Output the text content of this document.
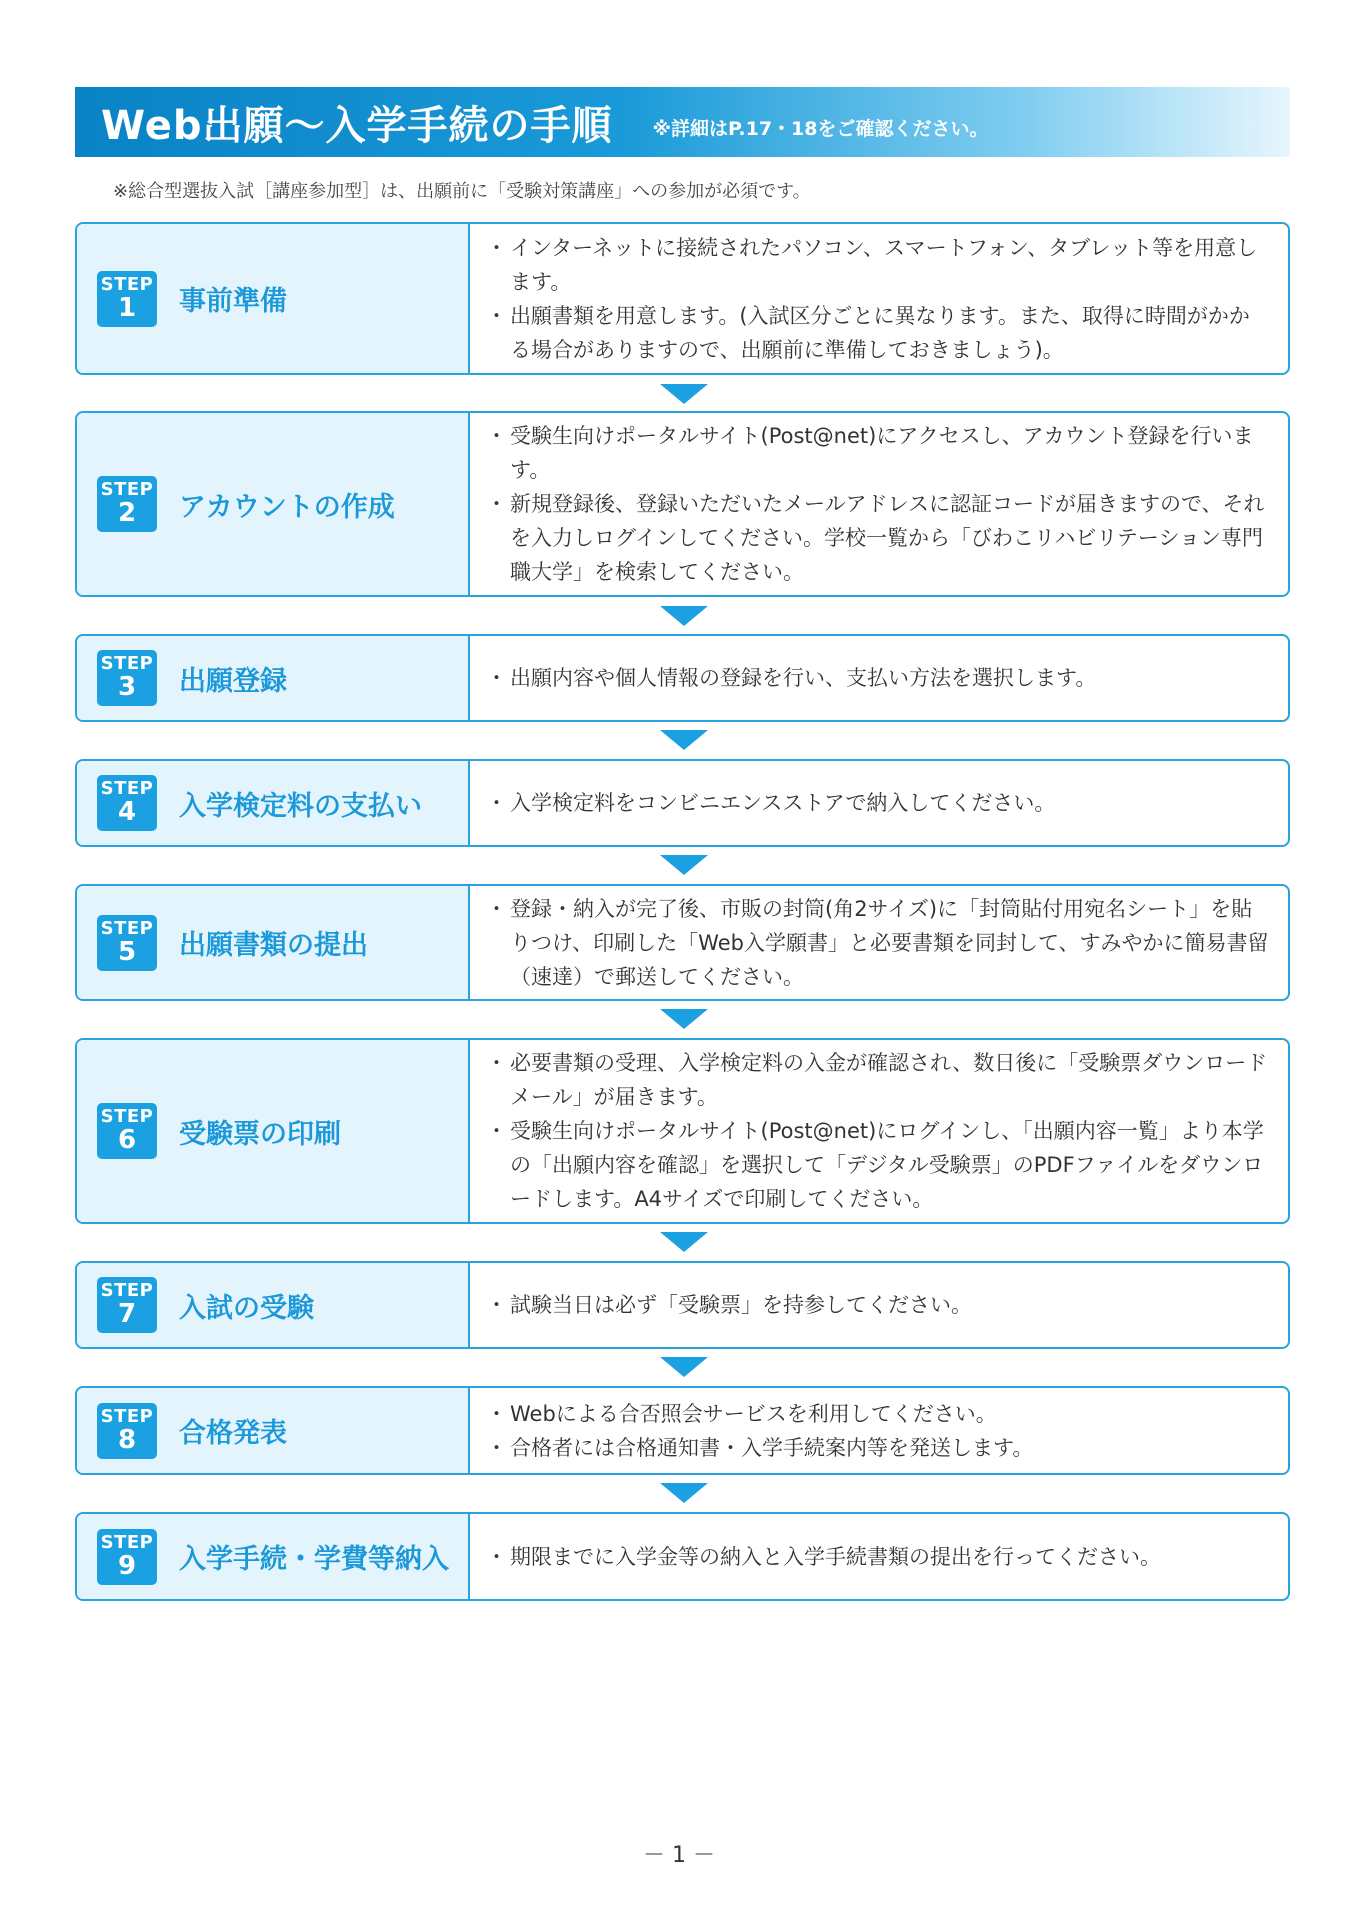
Web出願〜入学手続の手順 ※詳細はP.17・18をご確認ください。
※総合型選抜入試［講座参加型］は、出願前に「受験対策講座」への参加が必須です。
STEP
1 事前準備
・ インターネットに接続されたパソコン、スマートフォン、タブレット等を用意します。
・ 出願書類を用意します。(入試区分ごとに異なります。また、取得に時間がかかる場合がありますので、出願前に準備しておきましょう)。
STEP
2 アカウントの作成
・ 受験生向けポータルサイト(Post@net)にアクセスし、アカウント登録を行います。
・ 新規登録後、登録いただいたメールアドレスに認証コードが届きますので、それを入力しログインしてください。学校一覧から「びわこリハビリテーション専門職大学」を検索してください。
STEP
3 出願登録	・ 出願内容や個人情報の登録を行い、支払い方法を選択します。
STEP
4 入学検定料の支払い	・ 入学検定料をコンビニエンスストアで納入してください。
STEP
5 出願書類の提出
・ 登録・納入が完了後、市販の封筒(角2サイズ)に「封筒貼付用宛名シート」を貼りつけ、印刷した「Web入学願書」と必要書類を同封して、すみやかに簡易書留（速達）で郵送してください。
STEP
6 受験票の印刷
・ 必要書類の受理、入学検定料の入金が確認され、数日後に「受験票ダウンロードメール」が届きます。
・ 受験生向けポータルサイト(Post@net)にログインし、「出願内容一覧」より本学の「出願内容を確認」を選択して「デジタル受験票」のPDFファイルをダウンロードします。A4サイズで印刷してください。
STEP
7 入試の受験	・ 試験当日は必ず「受験票」を持参してください。
STEP
8 合格発表
・ Webによる合否照会サービスを利用してください。
・ 合格者には合格通知書・入学手続案内等を発送します。
STEP
9 入学手続・学費等納入 ・ 期限までに入学金等の納入と入学手続書類の提出を行ってください。
－ 1 －
